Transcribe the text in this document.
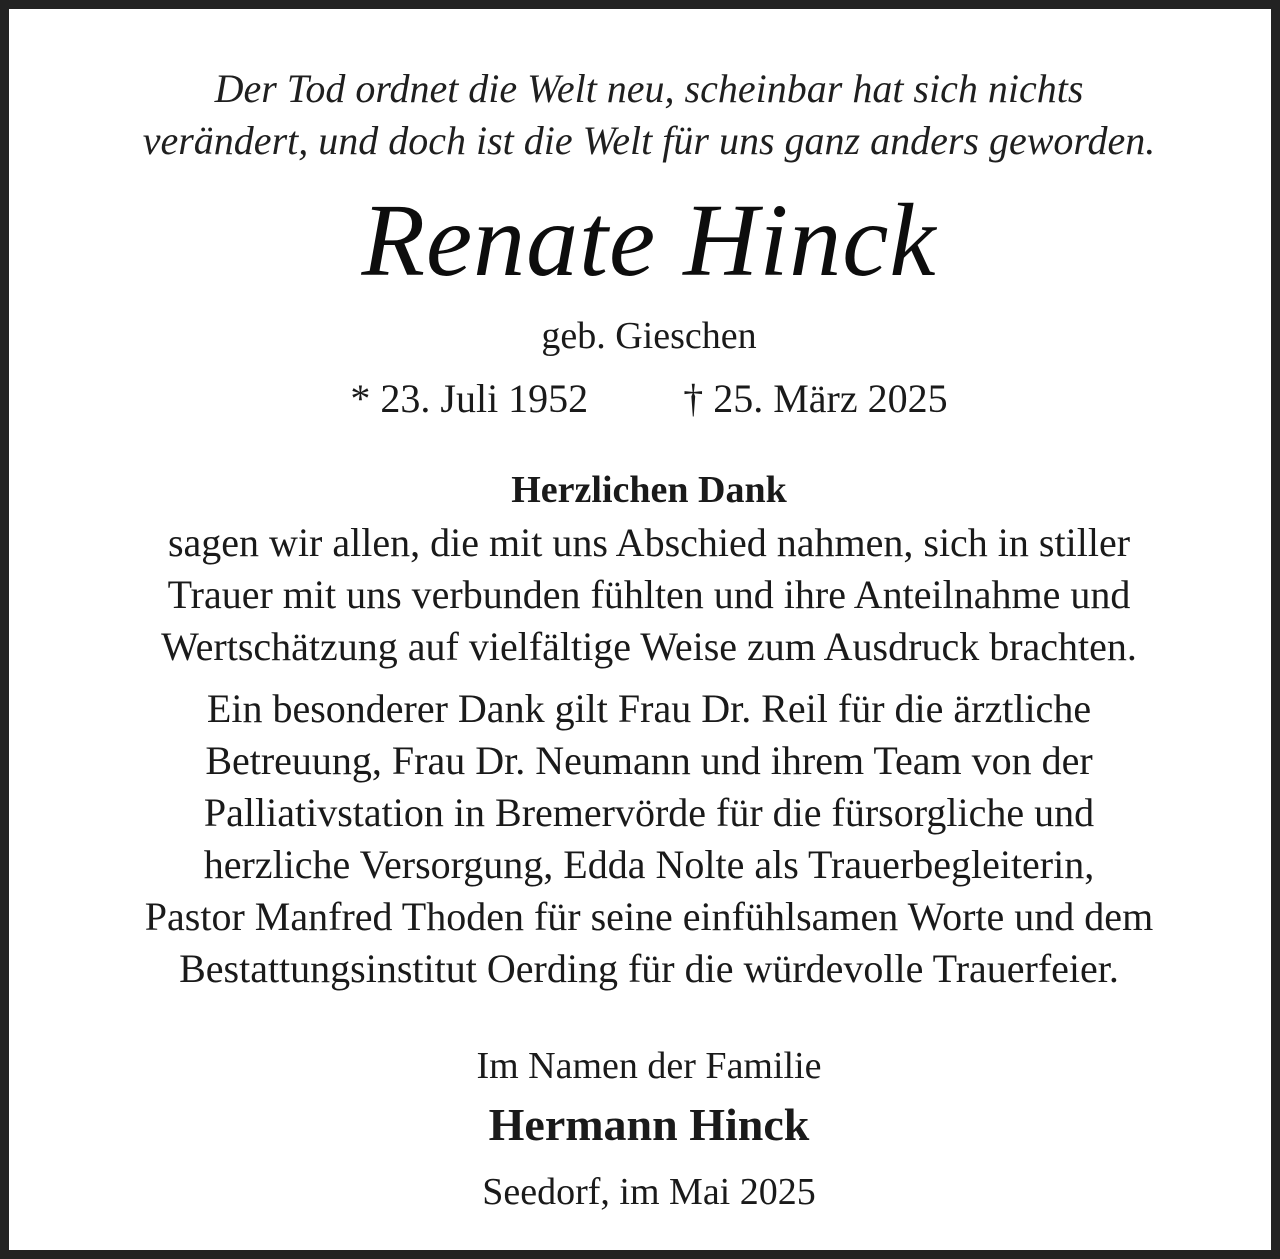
Der Tod ordnet die Welt neu, scheinbar hat sich nichts

verändert, und doch ist die Welt für uns ganz anders geworden.

Renate Hinck

geb. Gieschen

* 23. Juli 1952 † 25. März 2025

Herzlichen Dank

sagen wir allen, die mit uns Abschied nahmen, sich in stiller

Trauer mit uns verbunden fühlten und ihre Anteilnahme und

Wertschätzung auf vielfältige Weise zum Ausdruck brachten.

Ein besonderer Dank gilt Frau Dr. Reil für die ärztliche

Betreuung, Frau Dr. Neumann und ihrem Team von der

Palliativstation in Bremervörde für die fürsorgliche und

herzliche Versorgung, Edda Nolte als Trauerbegleiterin,

Pastor Manfred Thoden für seine einfühlsamen Worte und dem

Bestattungsinstitut Oerding für die würdevolle Trauerfeier.

Im Namen der Familie

Hermann Hinck

Seedorf, im Mai 2025
